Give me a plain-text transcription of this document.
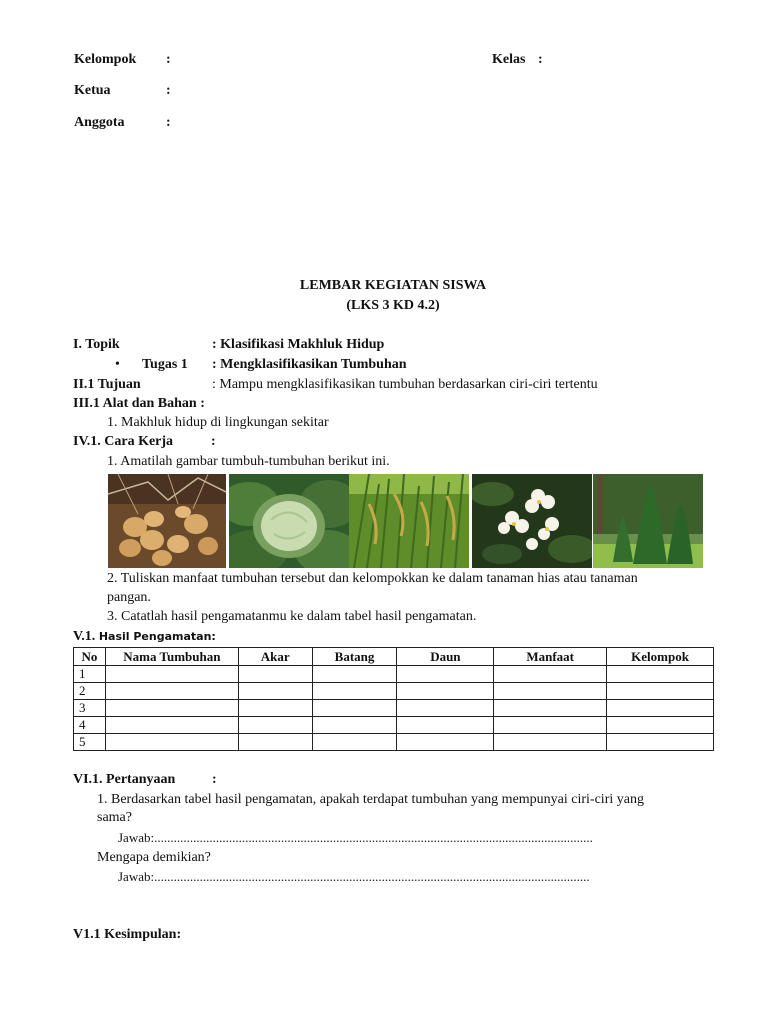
Kelompok :	Kelas :
Ketua	:
Anggota	:
LEMBAR KEGIATAN SISWA
(LKS 3 KD 4.2)
I. Topik	: Klasifikasi Makhluk Hidup
• Tugas 1 : Mengklasifikasikan Tumbuhan
II.1 Tujuan	: Mampu mengklasifikasikan tumbuhan berdasarkan ciri-ciri tertentu
III.1 Alat dan Bahan :
1. Makhluk hidup di lingkungan sekitar
IV.1. Cara Kerja	:
1. Amatilah gambar tumbuh-tumbuhan berikut ini.
2. Tuliskan manfaat tumbuhan tersebut dan kelompokkan ke dalam tanaman hias atau tanaman
pangan.
3. Catatlah hasil pengamatanmu ke dalam tabel hasil pengamatan.
V.1. Hasil Pengamatan:
No	Nama Tumbuhan	Akar	Batang	Daun	Manfaat	Kelompok
1						
2						
3						
4						
5						
VI.1. Pertanyaan	:
1. Berdasarkan tabel hasil pengamatan, apakah terdapat tumbuhan yang mempunyai ciri-ciri yang
sama?
Jawab:.......................................................................................................................................
Mengapa demikian?
Jawab:......................................................................................................................................
V1.1 Kesimpulan:
